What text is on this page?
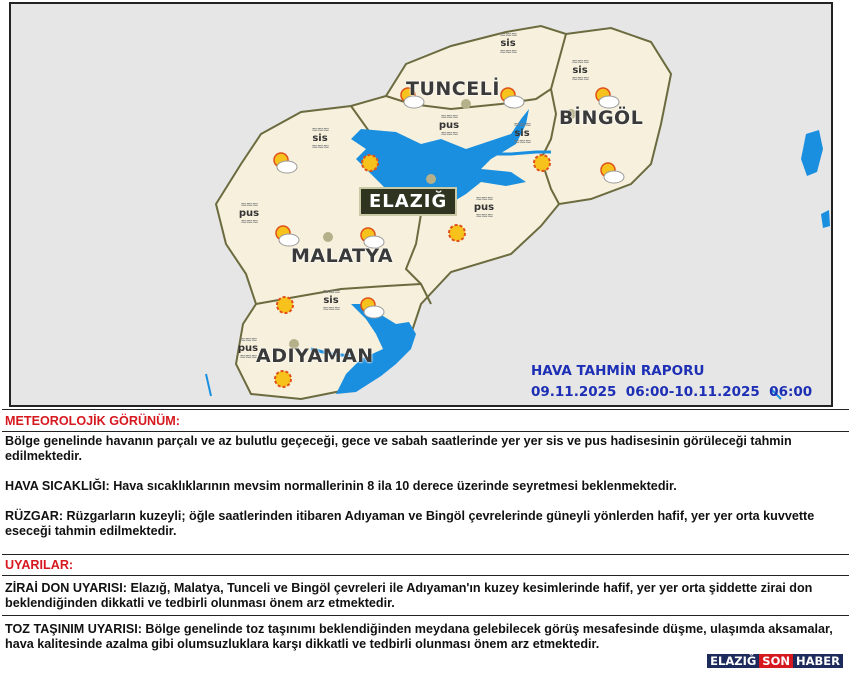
≈≈≈
sis
≈≈≈
≈≈≈
sis
≈≈≈
≈≈≈
sis
≈≈≈
≈≈≈
sis
≈≈≈
≈≈≈
sis
≈≈≈
≈≈≈
pus
≈≈≈
≈≈≈
pus
≈≈≈
≈≈≈
pus
≈≈≈
≈≈≈
pus
≈≈≈
TUNCELİ
BİNGÖL
ELAZIĞ
MALATYA
ADIYAMAN
HAVA TAHMİN RAPORU
09.11.2025  06:00-10.11.2025  06:00
METEOROLOJİK GÖRÜNÜM:

Bölge genelinde havanın parçalı ve az bulutlu geçeceği, gece ve sabah saatlerinde yer yer sis ve pus hadisesinin görüleceği tahmin edilmektedir.

HAVA SICAKLIĞI: Hava sıcaklıklarının mevsim normallerinin 8 ila 10 derece üzerinde seyretmesi beklenmektedir.

RÜZGAR: Rüzgarların kuzeyli; öğle saatlerinden itibaren Adıyaman ve Bingöl çevrelerinde güneyli yönlerden hafif, yer yer orta kuvvette eseceği tahmin edilmektedir.

UYARILAR:
ZİRAİ DON UYARISI: Elazığ, Malatya, Tunceli ve Bingöl çevreleri ile Adıyaman'ın kuzey kesimlerinde hafif, yer yer orta şiddette zirai don beklendiğinden dikkatli ve tedbirli olunması önem arz etmektedir.
TOZ TAŞINIM UYARISI: Bölge genelinde toz taşınımı beklendiğinden meydana gelebilecek görüş mesafesinde düşme, ulaşımda aksamalar, hava kalitesinde azalma gibi olumsuzluklara karşı dikkatli ve tedbirli olunması önem arz etmektedir.
ELAZIĞ SON HABER
